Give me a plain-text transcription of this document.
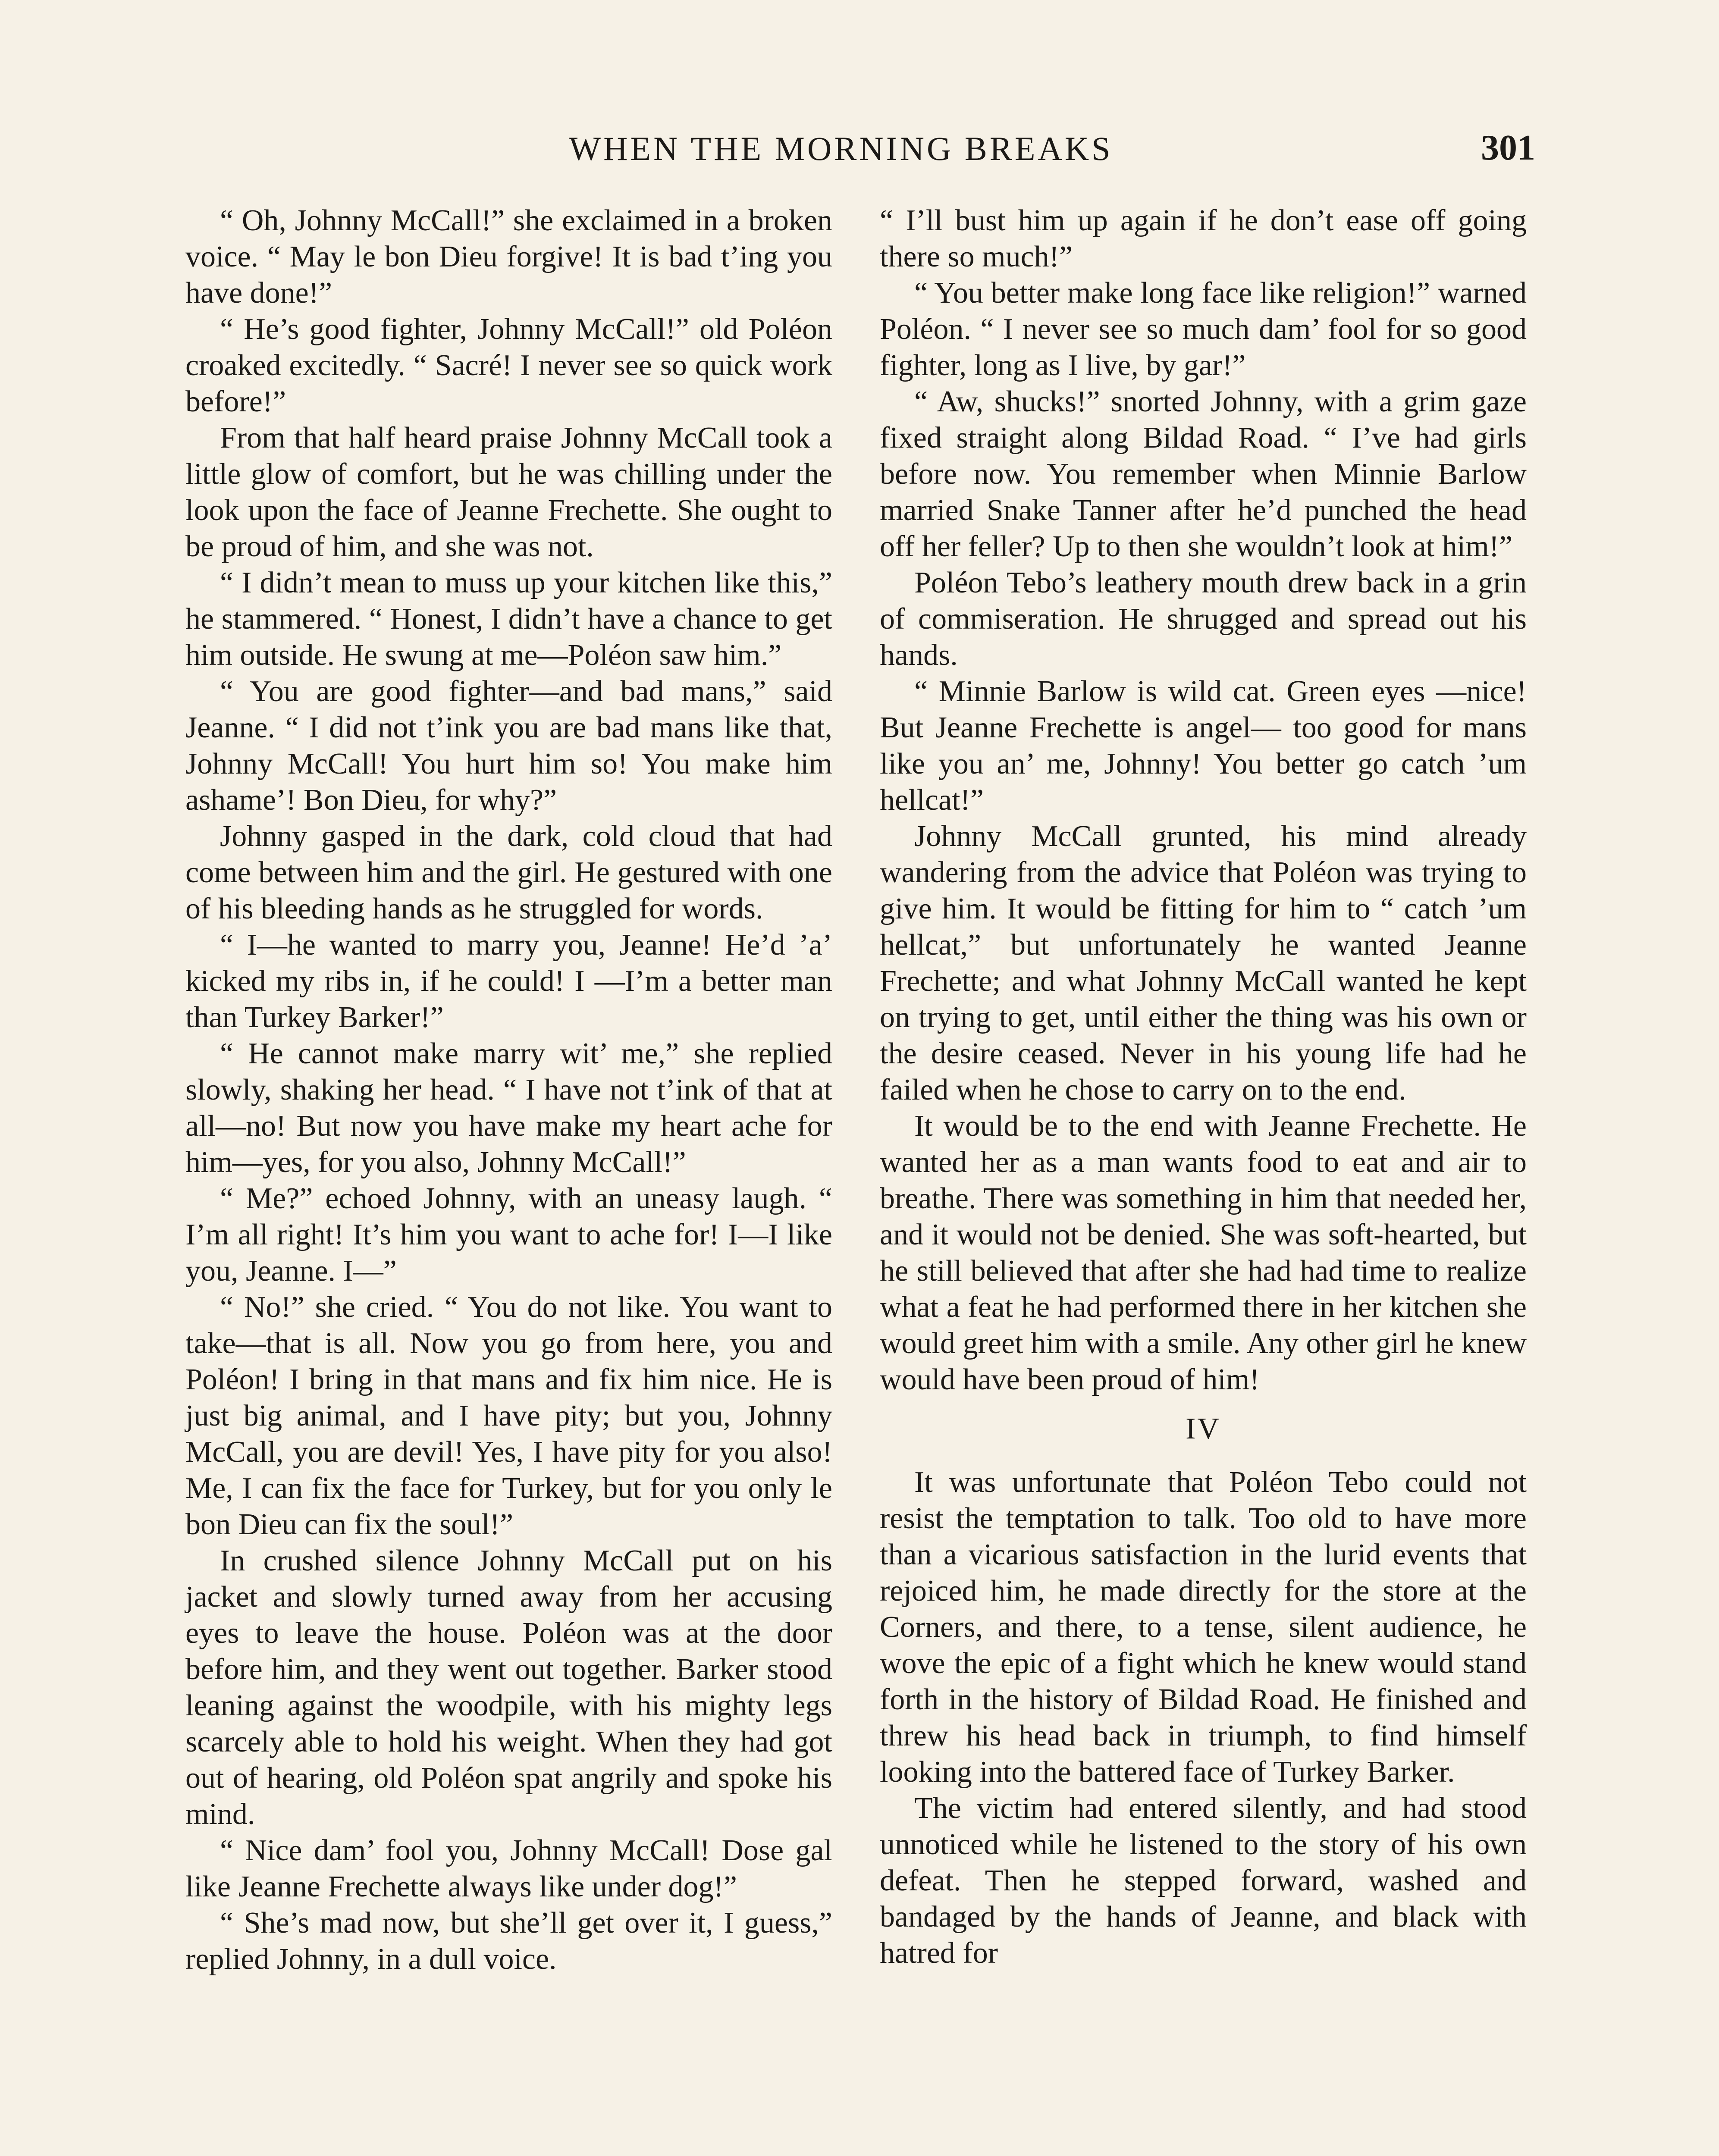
WHEN THE MORNING BREAKS	301

“ Oh, Johnny McCall!” she exclaimed in a broken voice. “ May le bon Dieu forgive! It is bad t’ing you have done!”

“ He’s good fighter, Johnny McCall!” old Poléon croaked excitedly. “ Sacré! I never see so quick work before!”

From that half heard praise Johnny McCall took a little glow of comfort, but he was chilling under the look upon the face of Jeanne Frechette. She ought to be proud of him, and she was not.

“ I didn’t mean to muss up your kitchen like this,” he stammered. “ Honest, I didn’t have a chance to get him outside. He swung at me—Poléon saw him.”

“ You are good fighter—and bad mans,” said Jeanne. “ I did not t’ink you are bad mans like that, Johnny McCall! You hurt him so! You make him ashame’! Bon Dieu, for why?”

Johnny gasped in the dark, cold cloud that had come between him and the girl. He gestured with one of his bleeding hands as he struggled for words.

“ I—he wanted to marry you, Jeanne! He’d ’a’ kicked my ribs in, if he could! I —I’m a better man than Turkey Barker!”

“ He cannot make marry wit’ me,” she replied slowly, shaking her head. “ I have not t’ink of that at all—no! But now you have make my heart ache for him—yes, for you also, Johnny McCall!”

“ Me?” echoed Johnny, with an uneasy laugh. “ I’m all right! It’s him you want to ache for! I—I like you, Jeanne. I—”

“ No!” she cried. “ You do not like. You want to take—that is all. Now you go from here, you and Poléon! I bring in that mans and fix him nice. He is just big animal, and I have pity; but you, Johnny McCall, you are devil! Yes, I have pity for you also! Me, I can fix the face for Turkey, but for you only le bon Dieu can fix the soul!”

In crushed silence Johnny McCall put on his jacket and slowly turned away from her accusing eyes to leave the house. Poléon was at the door before him, and they went out together. Barker stood leaning against the woodpile, with his mighty legs scarcely able to hold his weight. When they had got out of hearing, old Poléon spat angrily and spoke his mind.

“ Nice dam’ fool you, Johnny McCall! Dose gal like Jeanne Frechette always like under dog!”

“ She’s mad now, but she’ll get over it, I guess,” replied Johnny, in a dull voice.

“ I’ll bust him up again if he don’t ease off going there so much!”

“ You better make long face like religion!” warned Poléon. “ I never see so much dam’ fool for so good fighter, long as I live, by gar!”

“ Aw, shucks!” snorted Johnny, with a grim gaze fixed straight along Bildad Road. “ I’ve had girls before now. You remember when Minnie Barlow married Snake Tanner after he’d punched the head off her feller? Up to then she wouldn’t look at him!”

Poléon Tebo’s leathery mouth drew back in a grin of commiseration. He shrugged and spread out his hands.

“ Minnie Barlow is wild cat. Green eyes —nice! But Jeanne Frechette is angel— too good for mans like you an’ me, Johnny! You better go catch ’um hellcat!”

Johnny McCall grunted, his mind already wandering from the advice that Poléon was trying to give him. It would be fitting for him to “ catch ’um hellcat,” but unfortunately he wanted Jeanne Frechette; and what Johnny McCall wanted he kept on trying to get, until either the thing was his own or the desire ceased. Never in his young life had he failed when he chose to carry on to the end.

It would be to the end with Jeanne Frechette. He wanted her as a man wants food to eat and air to breathe. There was something in him that needed her, and it would not be denied. She was soft-hearted, but he still believed that after she had had time to realize what a feat he had performed there in her kitchen she would greet him with a smile. Any other girl he knew would have been proud of him!

IV

It was unfortunate that Poléon Tebo could not resist the temptation to talk. Too old to have more than a vicarious satisfaction in the lurid events that rejoiced him, he made directly for the store at the Corners, and there, to a tense, silent audience, he wove the epic of a fight which he knew would stand forth in the history of Bildad Road. He finished and threw his head back in triumph, to find himself looking into the battered face of Turkey Barker.

The victim had entered silently, and had stood unnoticed while he listened to the story of his own defeat. Then he stepped forward, washed and bandaged by the hands of Jeanne, and black with hatred for
